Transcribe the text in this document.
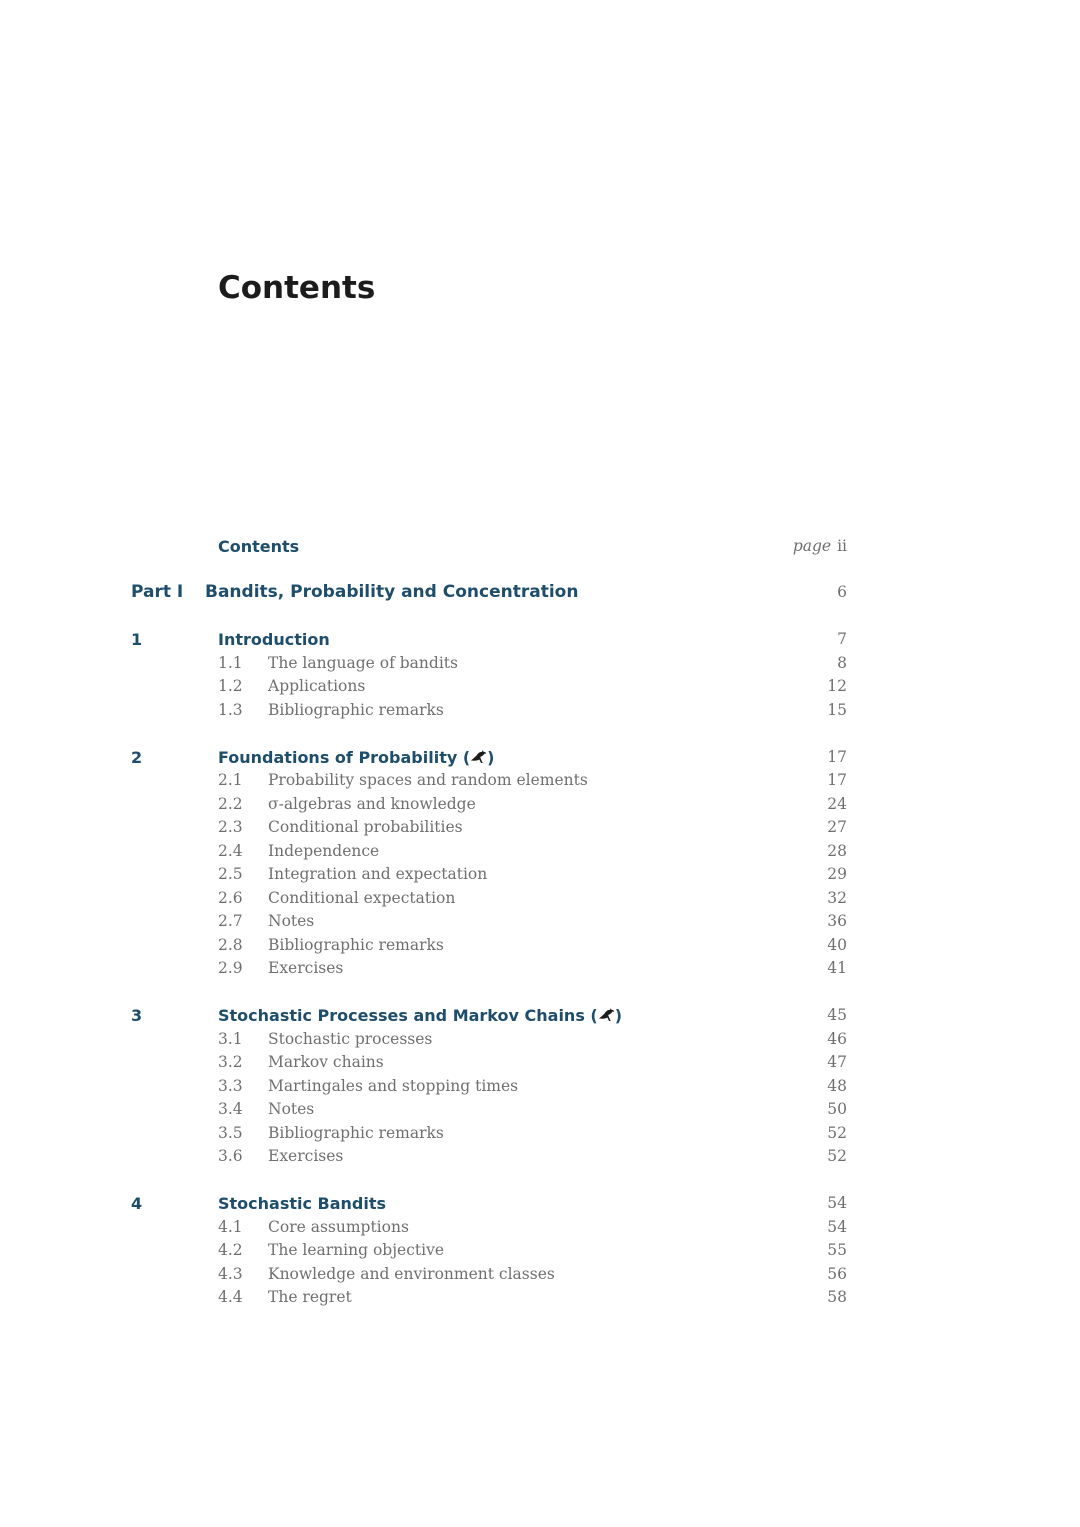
Contents
Contents	page ii
Part I Bandits, Probability and Concentration	6
1	Introduction	7
1.1 The language of bandits	8
1.2 Applications	12
1.3 Bibliographic remarks	15
2	Foundations of Probability ( )	17
2.1 Probability spaces and random elements	17
2.2 σ-algebras and knowledge	24
2.3 Conditional probabilities	27
2.4 Independence	28
2.5 Integration and expectation	29
2.6 Conditional expectation	32
2.7 Notes	36
2.8 Bibliographic remarks	40
2.9 Exercises	41
3	Stochastic Processes and Markov Chains ( )	45
3.1 Stochastic processes	46
3.2 Markov chains	47
3.3 Martingales and stopping times	48
3.4 Notes	50
3.5 Bibliographic remarks	52
3.6 Exercises	52
4	Stochastic Bandits	54
4.1 Core assumptions	54
4.2 The learning objective	55
4.3 Knowledge and environment classes	56
4.4 The regret	58
